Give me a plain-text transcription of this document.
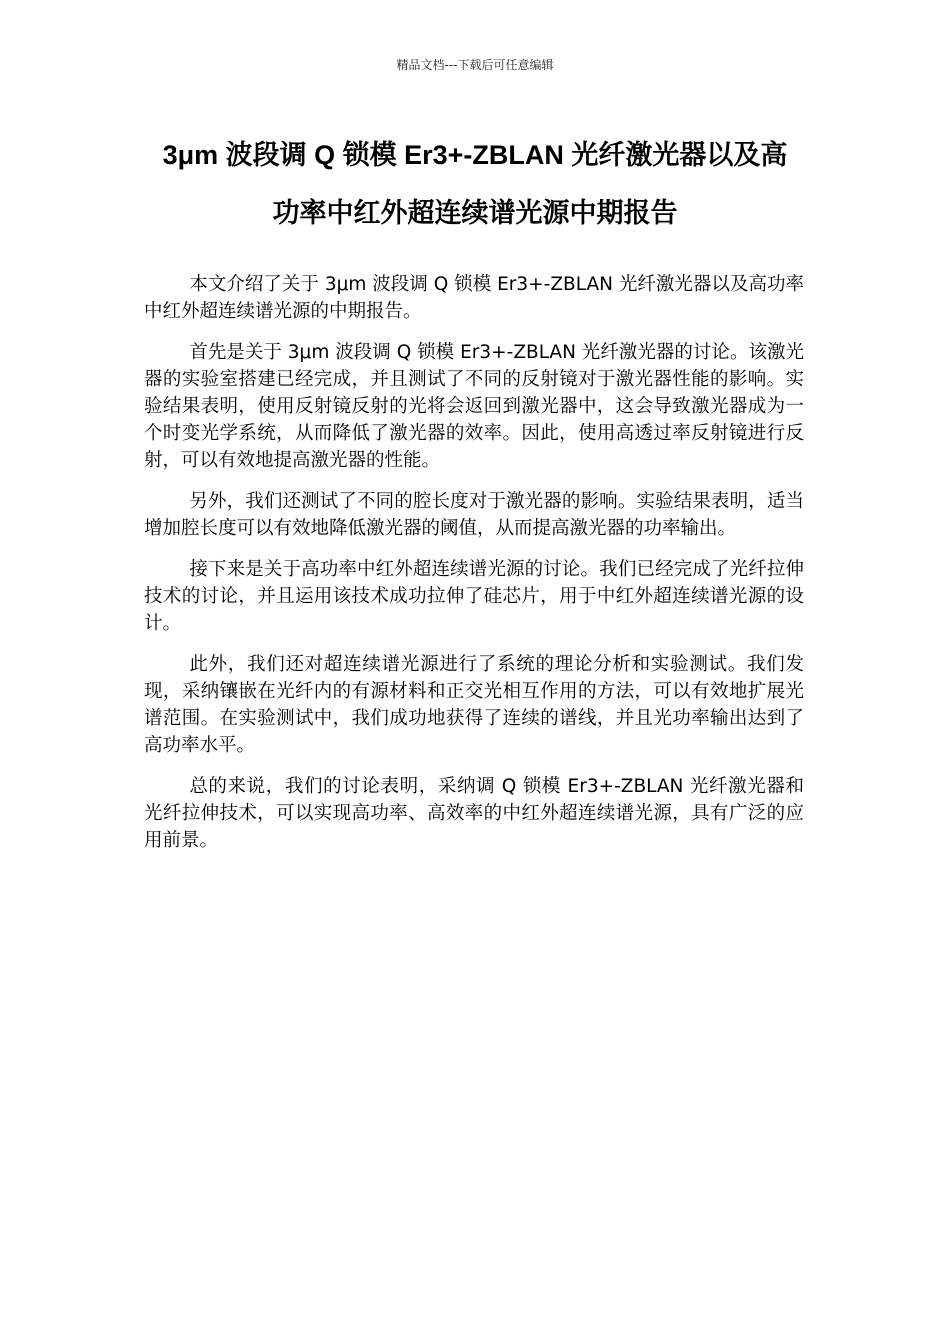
精品文档---下载后可任意编辑
3μm 波段调 Q 锁模 Er3+-ZBLAN 光纤激光器以及高
功率中红外超连续谱光源中期报告

本文介绍了关于 3μm 波段调 Q 锁模 Er3+-ZBLAN 光纤激光器以及高功率中红外超连续谱光源的中期报告。

首先是关于 3μm 波段调 Q 锁模 Er3+-ZBLAN 光纤激光器的讨论。该激光器的实验室搭建已经完成，并且测试了不同的反射镜对于激光器性能的影响。实验结果表明，使用反射镜反射的光将会返回到激光器中，这会导致激光器成为一个时变光学系统，从而降低了激光器的效率。因此，使用高透过率反射镜进行反射，可以有效地提高激光器的性能。

另外，我们还测试了不同的腔长度对于激光器的影响。实验结果表明，适当增加腔长度可以有效地降低激光器的阈值，从而提高激光器的功率输出。

接下来是关于高功率中红外超连续谱光源的讨论。我们已经完成了光纤拉伸技术的讨论，并且运用该技术成功拉伸了硅芯片，用于中红外超连续谱光源的设计。

此外，我们还对超连续谱光源进行了系统的理论分析和实验测试。我们发现，采纳镶嵌在光纤内的有源材料和正交光相互作用的方法，可以有效地扩展光谱范围。在实验测试中，我们成功地获得了连续的谱线，并且光功率输出达到了高功率水平。

总的来说，我们的讨论表明，采纳调 Q 锁模 Er3+-ZBLAN 光纤激光器和光纤拉伸技术，可以实现高功率、高效率的中红外超连续谱光源，具有广泛的应用前景。
